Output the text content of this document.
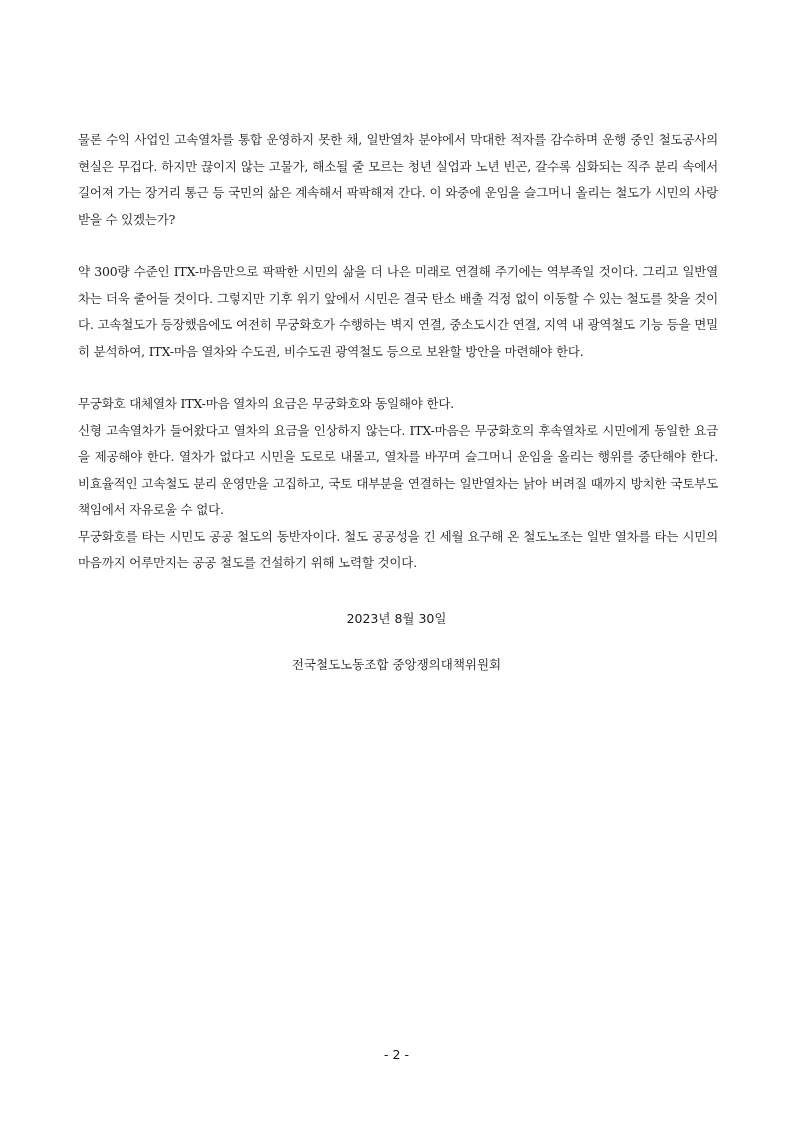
물론 수익 사업인 고속열차를 통합 운영하지 못한 채, 일반열차 분야에서 막대한 적자를 감수하며 운행 중인 철도공사의 현실은 무겁다. 하지만 끊이지 않는 고물가, 해소될 줄 모르는 청년 실업과 노년 빈곤, 갈수록 심화되는 직주 분리 속에서 길어져 가는 장거리 통근 등 국민의 삶은 계속해서 팍팍해져 간다. 이 와중에 운임을 슬그머니 올리는 철도가 시민의 사랑받을 수 있겠는가?

약 300량 수준인 ITX-마음만으로 팍팍한 시민의 삶을 더 나은 미래로 연결해 주기에는 역부족일 것이다. 그리고 일반열차는 더욱 줄어들 것이다. 그렇지만 기후 위기 앞에서 시민은 결국 탄소 배출 걱정 없이 이동할 수 있는 철도를 찾을 것이다. 고속철도가 등장했음에도 여전히 무궁화호가 수행하는 벽지 연결, 중소도시간 연결, 지역 내 광역철도 기능 등을 면밀히 분석하여, ITX-마음 열차와 수도권, 비수도권 광역철도 등으로 보완할 방안을 마련해야 한다.

무궁화호 대체열차 ITX-마음 열차의 요금은 무궁화호와 동일해야 한다.

신형 고속열차가 들어왔다고 열차의 요금을 인상하지 않는다. ITX-마음은 무궁화호의 후속열차로 시민에게 동일한 요금을 제공해야 한다. 열차가 없다고 시민을 도로로 내몰고, 열차를 바꾸며 슬그머니 운임을 올리는 행위를 중단해야 한다. 비효율적인 고속철도 분리 운영만을 고집하고, 국토 대부분을 연결하는 일반열차는 낡아 버려질 때까지 방치한 국토부도 책임에서 자유로울 수 없다.

무궁화호를 타는 시민도 공공 철도의 동반자이다. 철도 공공성을 긴 세월 요구해 온 철도노조는 일반 열차를 타는 시민의 마음까지 어루만지는 공공 철도를 건설하기 위해 노력할 것이다.

2023년 8월 30일
전국철도노동조합 중앙쟁의대책위원회
- 2 -
